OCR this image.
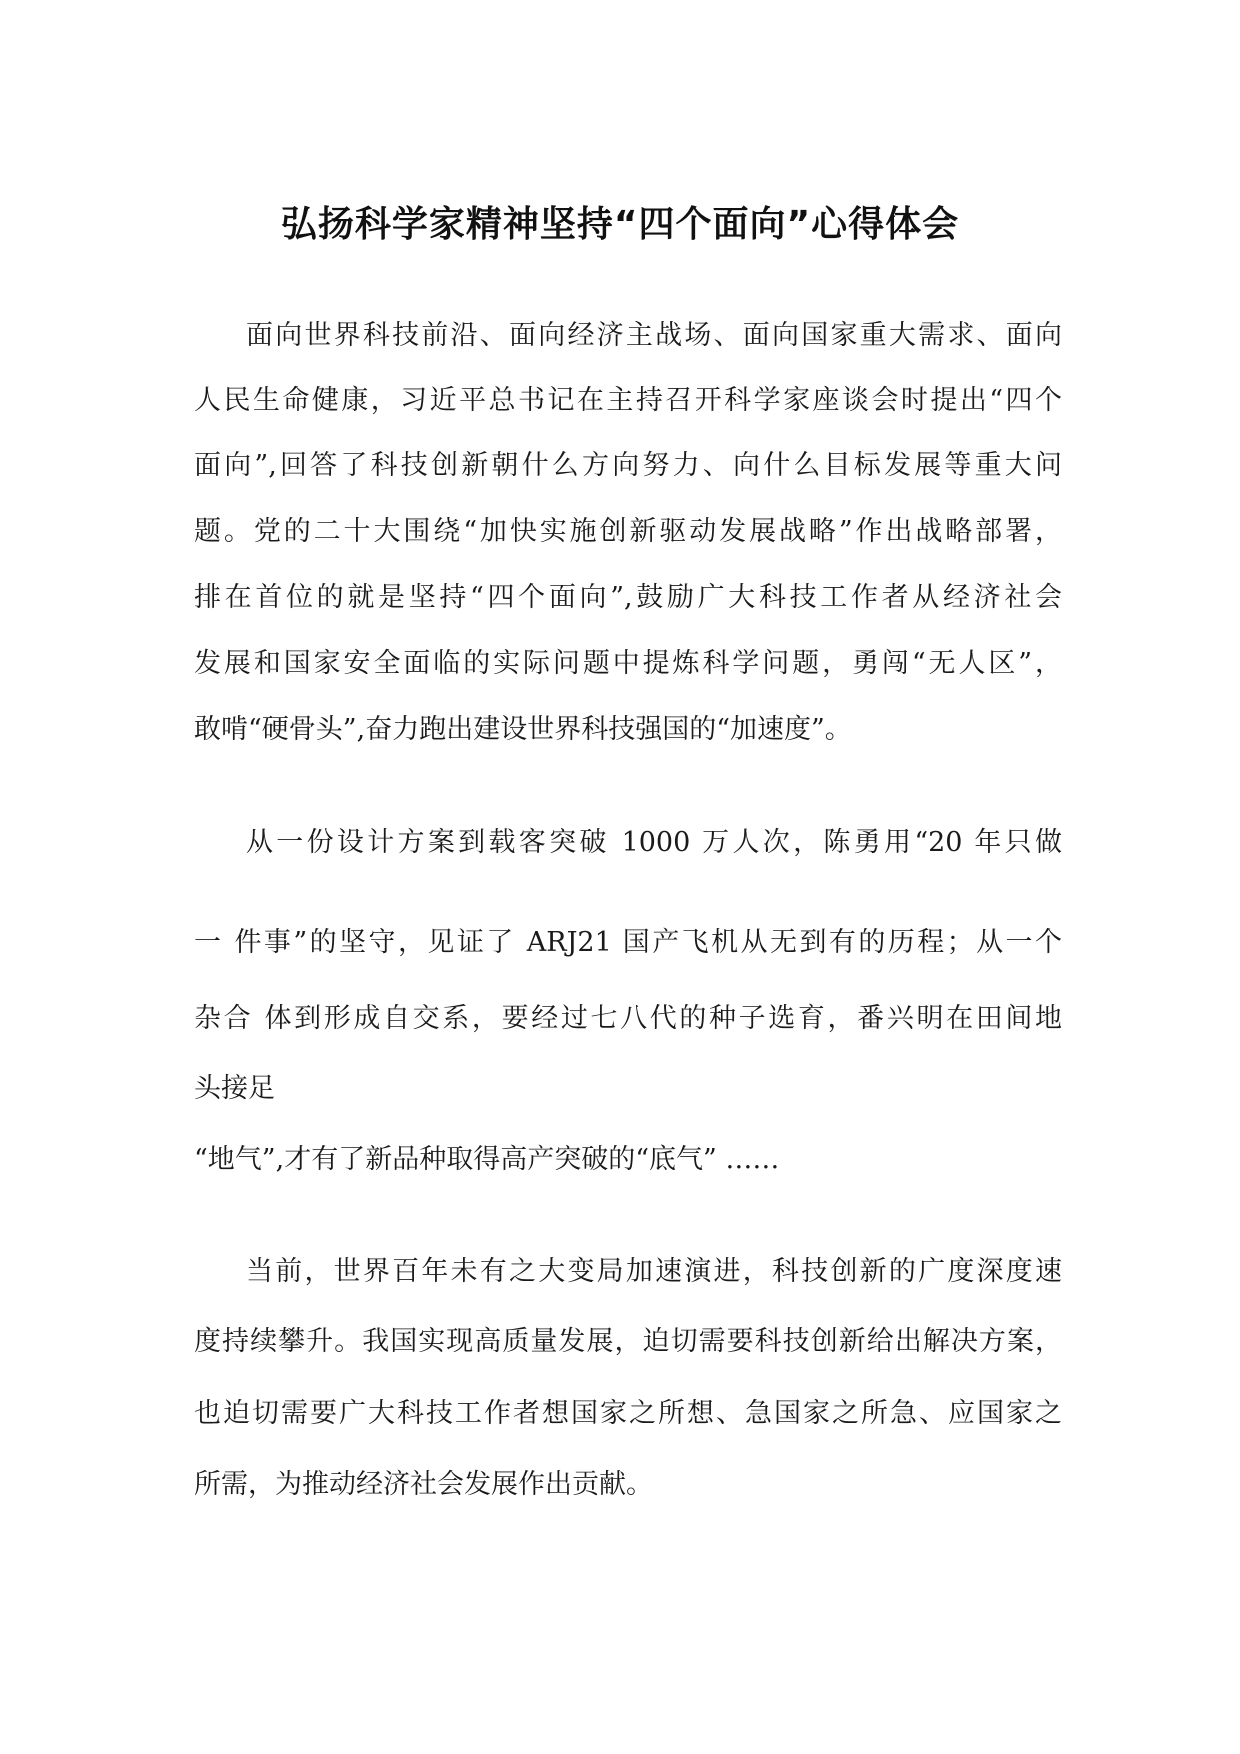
弘扬科学家精神坚持“四个面向”心得体会

面向世界科技前沿、面向经济主战场、面向国家重大需求、面向

人民生命健康，习近平总书记在主持召开科学家座谈会时提出“四个

面向”,回答了科技创新朝什么方向努力、向什么目标发展等重大问

题。党的二十大围绕“加快实施创新驱动发展战略”作出战略部署，

排在首位的就是坚持“四个面向”,鼓励广大科技工作者从经济社会

发展和国家安全面临的实际问题中提炼科学问题，勇闯“无人区”，

敢啃“硬骨头”,奋力跑出建设世界科技强国的“加速度”。

从一份设计方案到载客突破 1000 万人次，陈勇用“20 年只做

一 件事”的坚守，见证了 ARJ21 国产飞机从无到有的历程；从一个

杂合 体到形成自交系，要经过七八代的种子选育，番兴明在田间地

头接足

“地气”,才有了新品种取得高产突破的“底气” ……

当前，世界百年未有之大变局加速演进，科技创新的广度深度速

度持续攀升。我国实现高质量发展，迫切需要科技创新给出解决方案，

也迫切需要广大科技工作者想国家之所想、急国家之所急、应国家之

所需，为推动经济社会发展作出贡献。
